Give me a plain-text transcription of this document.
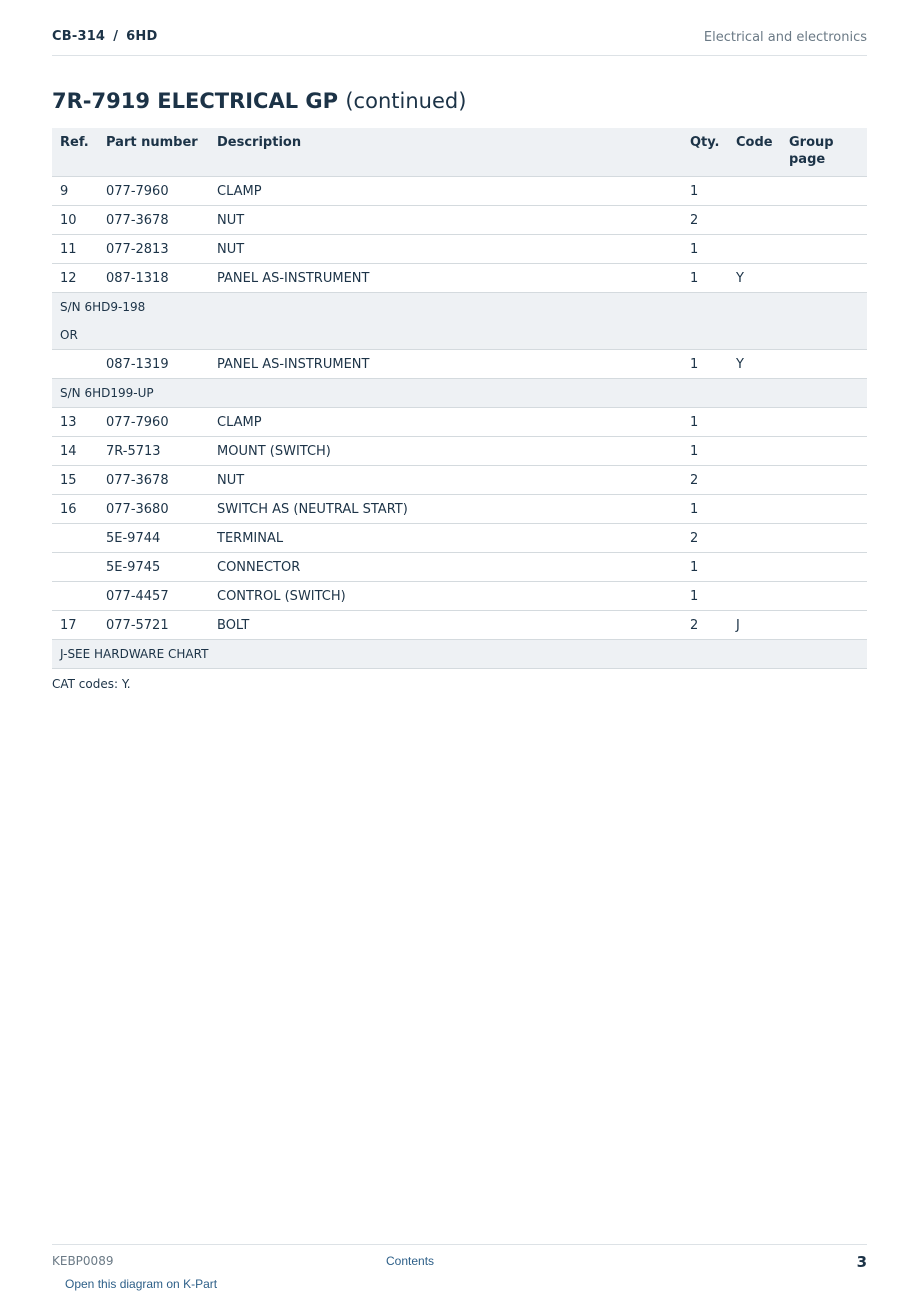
CB-314 / 6HD	Electrical and electronics
7R-7919 ELECTRICAL GP (continued)
Ref.	Part number	Description	Qty.	Code	Group page
9	077-7960	CLAMP	1		
10	077-3678	NUT	2		
11	077-2813	NUT	1		
12	087-1318	PANEL AS-INSTRUMENT	1	Y	
S/N 6HD9-198					
OR					
	087-1319	PANEL AS-INSTRUMENT	1	Y	
S/N 6HD199-UP					
13	077-7960	CLAMP	1		
14	7R-5713	MOUNT (SWITCH)	1		
15	077-3678	NUT	2		
16	077-3680	SWITCH AS (NEUTRAL START)	1		
	5E-9744	TERMINAL	2		
	5E-9745	CONNECTOR	1		
	077-4457	CONTROL (SWITCH)	1		
17	077-5721	BOLT	2	J	
J-SEE HARDWARE CHART					
CAT codes: Y.
KEBP0089	Contents	3
Open this diagram on K-Part
